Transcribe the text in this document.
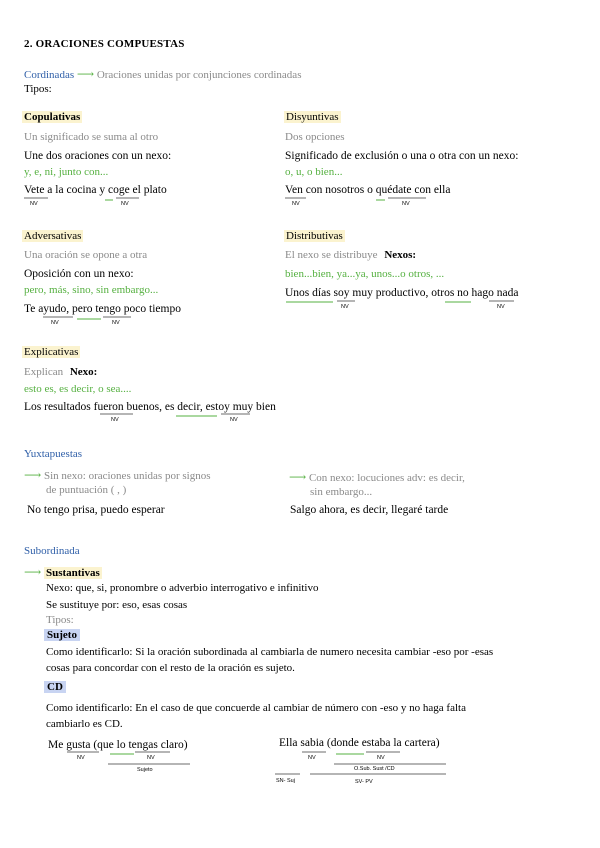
2. ORACIONES COMPUESTAS
Cordinadas ⟶ Oraciones unidas por conjunciones cordinadas
Tipos:
Copulativas
Un significado se suma al otro
Une dos oraciones con un nexo:
y, e, ni, junto con...
Vete a la cocina y coge el plato
NV	NV
Disyuntivas
Dos opciones
Significado de exclusión o una o otra con un nexo:
o, u, o bien...
Ven con nosotros o quédate con ella
NV	NV
Adversativas
Una oración se opone a otra
Oposición con un nexo:
pero, más, sino, sin embargo...
Te ayudo, pero tengo poco tiempo
NV	NV
Distributivas
El nexo se distribuye Nexos:
bien...bien, ya...ya, unos...o otros, ...
Unos días soy muy productivo, otros no hago nada
NV	NV
Explicativas
Explican Nexo:
esto es, es decir, o sea....
Los resultados fueron buenos, es decir, estoy muy bien
NV	NV
Yuxtapuestas
⟶ Sin nexo: oraciones unidas por signos
de puntuación ( , )
No tengo prisa, puedo esperar
⟶ Con nexo: locuciones adv: es decir,
sin embargo...
Salgo ahora, es decir, llegaré tarde
Subordinada
⟶ Sustantivas
Nexo: que, si, pronombre o adverbio interrogativo e infinitivo
Se sustituye por: eso, esas cosas
Tipos:
Sujeto
Como identificarlo: Si la oración subordinada al cambiarla de numero necesita cambiar -eso por -esas
cosas para concordar con el resto de la oración es sujeto.
CD
Como identificarlo: En el caso de que concuerde al cambiar de número con -eso y no haga falta
cambiarlo es CD.
Me gusta (que lo tengas claro)
NV	NV
Sujeto
Ella sabia (donde estaba la cartera)
NV	NV
O.Sub. Sust /CD
SN- Suj	SV- PV
